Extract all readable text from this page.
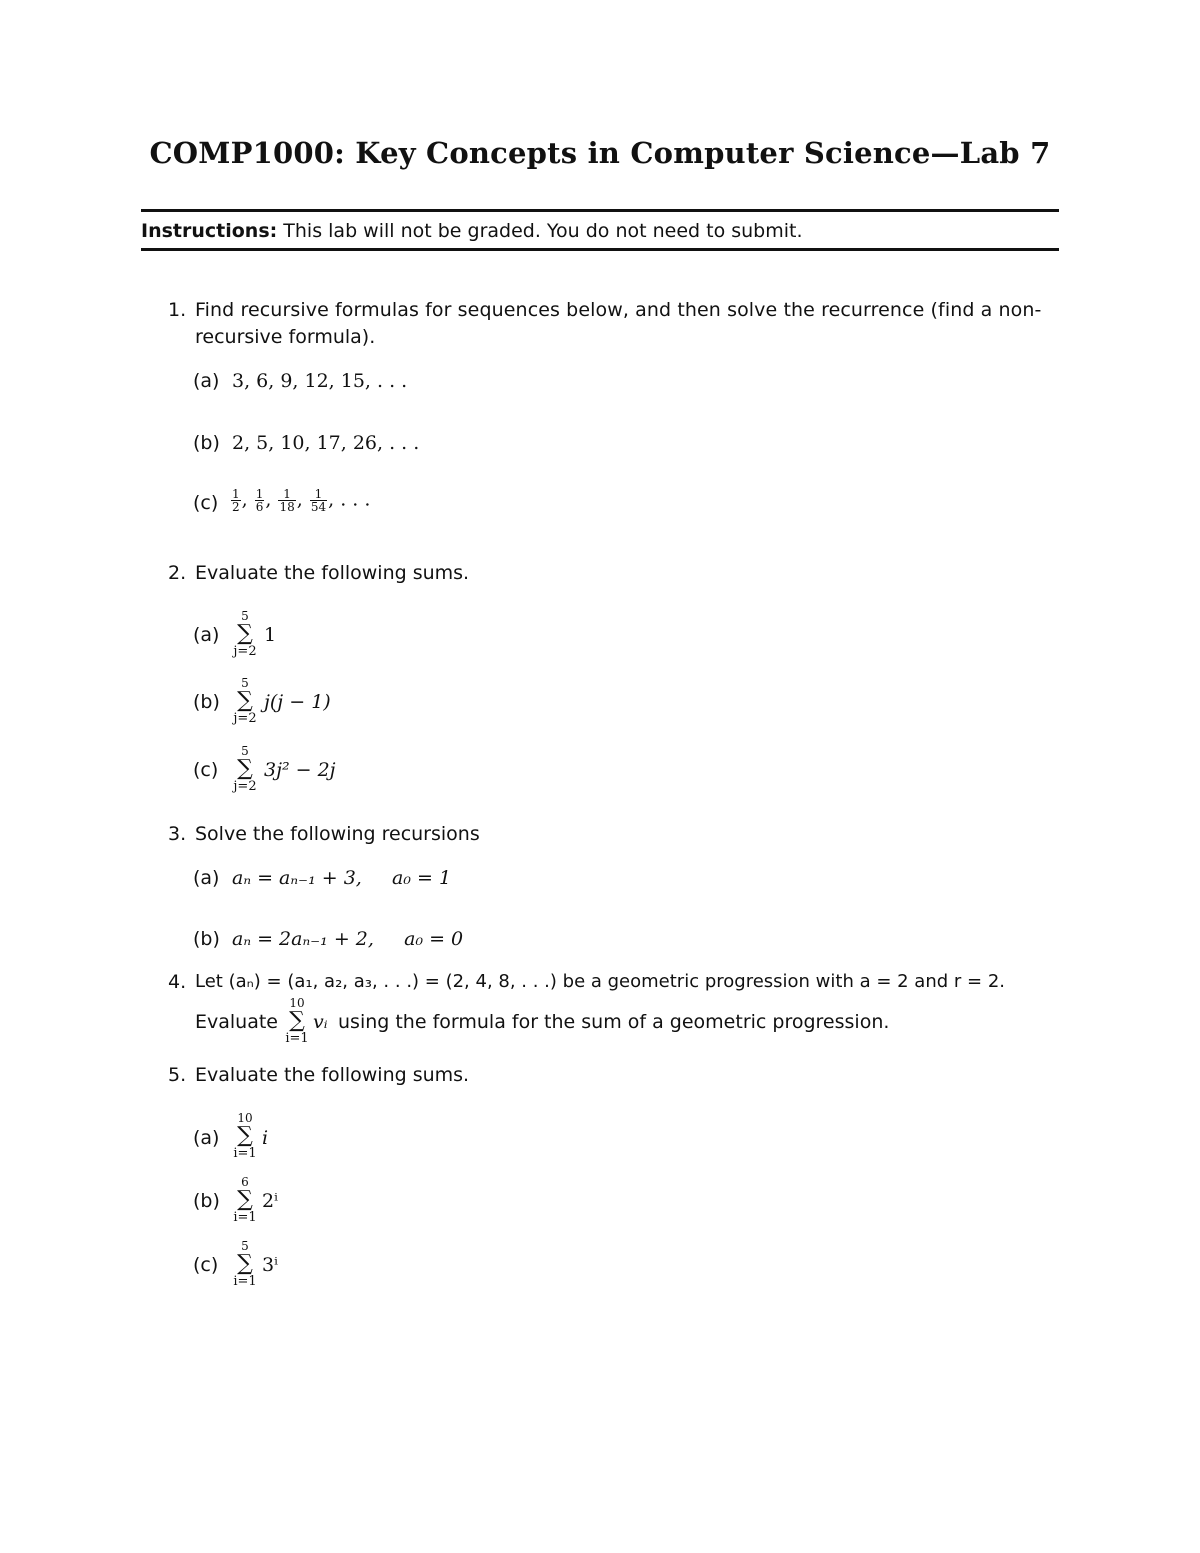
COMP1000: Key Concepts in Computer Science—Lab 7
Instructions: This lab will not be graded. You do not need to submit.
1. Find recursive formulas for sequences below, and then solve the recurrence (find a non-
recursive formula).
(a) 3, 6, 9, 12, 15, . . .
(b) 2, 5, 10, 17, 26, . . .
$(c) \frac{1}{2}$ , $\frac{1}{6}$ , $\frac{1}{18}$ , $\frac{1}{54}$ , . . .
2. Evaluate the following sums.
(a)
5
∑
j=2
1
(b)
5
∑
j=2
j(j − 1)
(c)
5
∑
j=2
3j² − 2j
3. Solve the following recursions
(a) aₙ = aₙ₋₁ + 3,     a₀ = 1
(b) aₙ = 2aₙ₋₁ + 2,     a₀ = 0
4. Let (aₙ) = (a₁, a₂, a₃, . . .) = (2, 4, 8, . . .) be a geometric progression with a = 2 and r = 2.
Evaluate
10
∑
i=1
vᵢ using the formula for the sum of a geometric progression.
5. Evaluate the following sums.
(a)
10
∑
i=1
i
(b)
6
∑
i=1
2ⁱ
(c)
5
∑
i=1
3ⁱ
